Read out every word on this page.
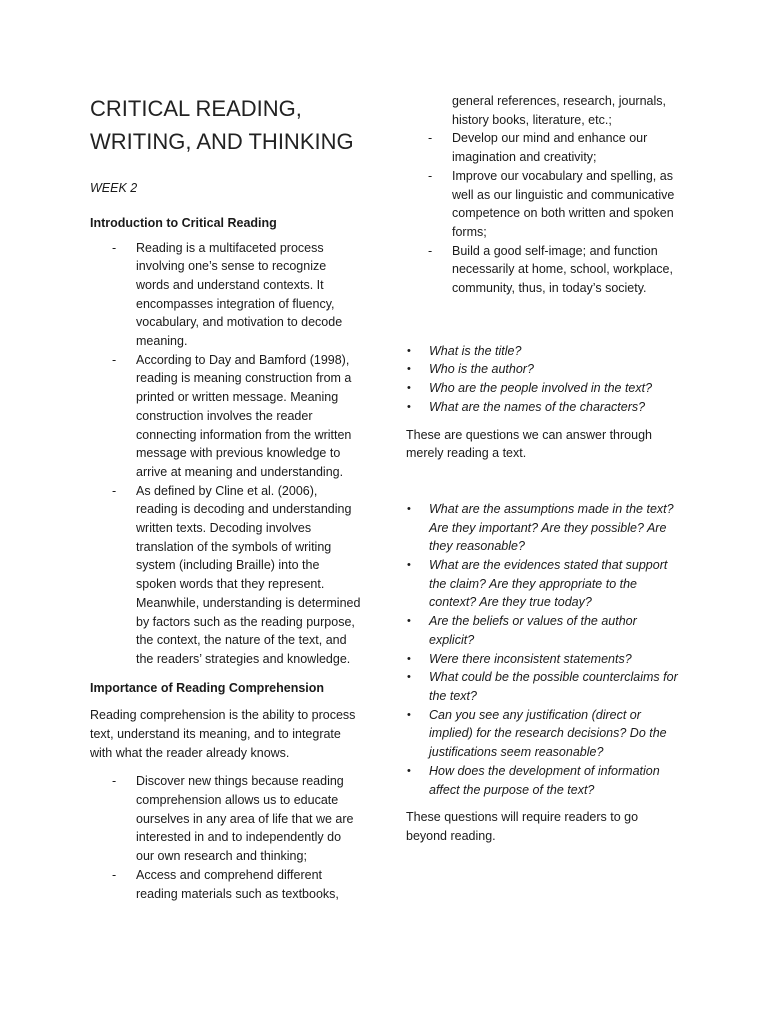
CRITICAL READING,
WRITING, AND THINKING

WEEK 2

Introduction to Critical Reading

-	Reading is a multifaceted process involving one’s sense to recognize words and understand contexts. It encompasses integration of fluency, vocabulary, and motivation to decode meaning.
-	According to Day and Bamford (1998), reading is meaning construction from a printed or written message. Meaning construction involves the reader connecting information from the written message with previous knowledge to arrive at meaning and understanding.
-	As defined by Cline et al. (2006), reading is decoding and understanding written texts. Decoding involves translation of the symbols of writing system (including Braille) into the spoken words that they represent. Meanwhile, understanding is determined by factors such as the reading purpose, the context, the nature of the text, and the readers’ strategies and knowledge.

Importance of Reading Comprehension

Reading comprehension is the ability to process text, understand its meaning, and to integrate with what the reader already knows.

-	Discover new things because reading comprehension allows us to educate ourselves in any area of life that we are interested in and to independently do our own research and thinking;
-	Access and comprehend different reading materials such as textbooks,
general references, research, journals, history books, literature, etc.;
-	Develop our mind and enhance our imagination and creativity;
-	Improve our vocabulary and spelling, as well as our linguistic and communicative competence on both written and spoken forms;
-	Build a good self-image; and function necessarily at home, school, workplace, community, thus, in today’s society.
• What is the title?
• Who is the author?
• Who are the people involved in the text?
• What are the names of the characters?

These are questions we can answer through merely reading a text.

• What are the assumptions made in the text? Are they important? Are they possible? Are they reasonable?
• What are the evidences stated that support the claim? Are they appropriate to the context? Are they true today?
• Are the beliefs or values of the author explicit?
• Were there inconsistent statements?
• What could be the possible counterclaims for the text?
• Can you see any justification (direct or implied) for the research decisions? Do the justifications seem reasonable?
• How does the development of information affect the purpose of the text?

These questions will require readers to go beyond reading.
